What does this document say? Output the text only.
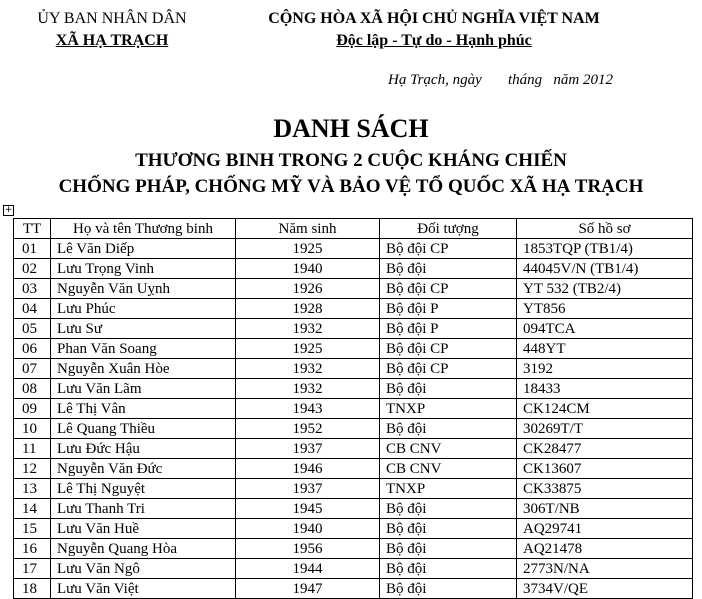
ỦY BAN NHÂN DÂN
XÃ HẠ TRẠCH
CỘNG HÒA XÃ HỘI CHỦ NGHĨA VIỆT NAM
Độc lập - Tự do - Hạnh phúc
Hạ Trạch, ngày       tháng   năm 2012
DANH SÁCH
THƯƠNG BINH TRONG 2 CUỘC KHÁNG CHIẾN
CHỐNG PHÁP, CHỐNG MỸ VÀ BẢO VỆ TỔ QUỐC XÃ HẠ TRẠCH
+
TT	Họ và tên Thương binh	Năm sinh	Đối tượng	Số hồ sơ
01	Lê Văn Diếp	1925	Bộ đội CP	1853TQP (TB1/4)
02	Lưu Trọng Vinh	1940	Bộ đội	44045V/N (TB1/4)
03	Nguyễn Văn Uỵnh	1926	Bộ đội CP	YT 532 (TB2/4)
04	Lưu Phúc	1928	Bộ đội P	YT856
05	Lưu Sư	1932	Bộ đội P	094TCA
06	Phan Văn Soang	1925	Bộ đội CP	448YT
07	Nguyễn Xuân Hòe	1932	Bộ đội CP	3192
08	Lưu Văn Lãm	1932	Bộ đội	18433
09	Lê Thị Vân	1943	TNXP	CK124CM
10	Lê Quang Thiều	1952	Bộ đội	30269T/T
11	Lưu Đức Hậu	1937	CB CNV	CK28477
12	Nguyễn Văn Đức	1946	CB CNV	CK13607
13	Lê Thị Nguyệt	1937	TNXP	CK33875
14	Lưu Thanh Tri	1945	Bộ đội	306T/NB
15	Lưu Văn Huề	1940	Bộ đội	AQ29741
16	Nguyễn Quang Hòa	1956	Bộ đội	AQ21478
17	Lưu Văn Ngô	1944	Bộ đội	2773N/NA
18	Lưu Văn Việt	1947	Bộ đội	3734V/QE
